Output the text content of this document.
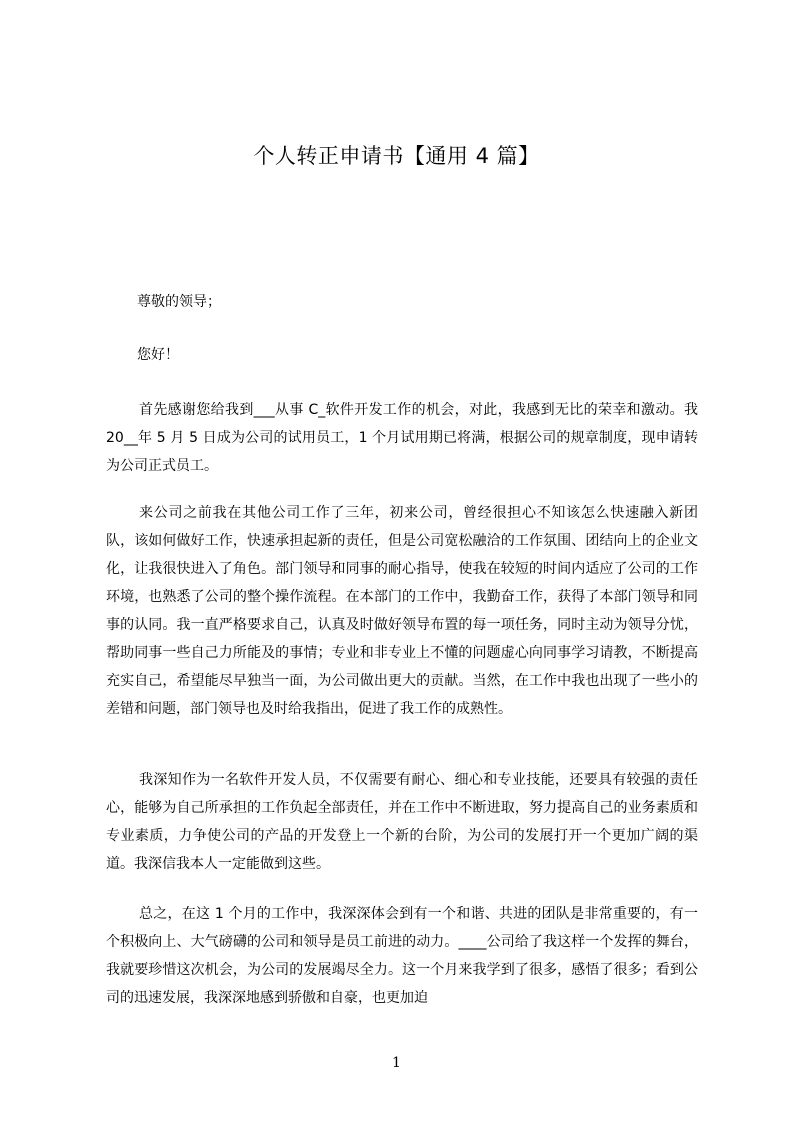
个人转正申请书【通用 4 篇】
尊敬的领导；
您好！
首先感谢您给我到___从事 C_软件开发工作的机会，对此，我感到无比的荣幸和激动。我 20__年 5 月 5 日成为公司的试用员工，1 个月试用期已将满，根据公司的规章制度，现申请转为公司正式员工。
来公司之前我在其他公司工作了三年，初来公司，曾经很担心不知该怎么快速融入新团队，该如何做好工作，快速承担起新的责任，但是公司宽松融洽的工作氛围、团结向上的企业文化，让我很快进入了角色。部门领导和同事的耐心指导，使我在较短的时间内适应了公司的工作环境，也熟悉了公司的整个操作流程。在本部门的工作中，我勤奋工作，获得了本部门领导和同事的认同。我一直严格要求自己，认真及时做好领导布置的每一项任务，同时主动为领导分忧，帮助同事一些自己力所能及的事情；专业和非专业上不懂的问题虚心向同事学习请教，不断提高充实自己，希望能尽早独当一面，为公司做出更大的贡献。当然，在工作中我也出现了一些小的差错和问题，部门领导也及时给我指出，促进了我工作的成熟性。
我深知作为一名软件开发人员，不仅需要有耐心、细心和专业技能，还要具有较强的责任心，能够为自己所承担的工作负起全部责任，并在工作中不断进取，努力提高自己的业务素质和专业素质，力争使公司的产品的开发登上一个新的台阶，为公司的发展打开一个更加广阔的渠道。我深信我本人一定能做到这些。
总之，在这 1 个月的工作中，我深深体会到有一个和谐、共进的团队是非常重要的，有一个积极向上、大气磅礴的公司和领导是员工前进的动力。____公司给了我这样一个发挥的舞台，我就要珍惜这次机会，为公司的发展竭尽全力。这一个月来我学到了很多，感悟了很多；看到公司的迅速发展，我深深地感到骄傲和自豪，也更加迫
1
